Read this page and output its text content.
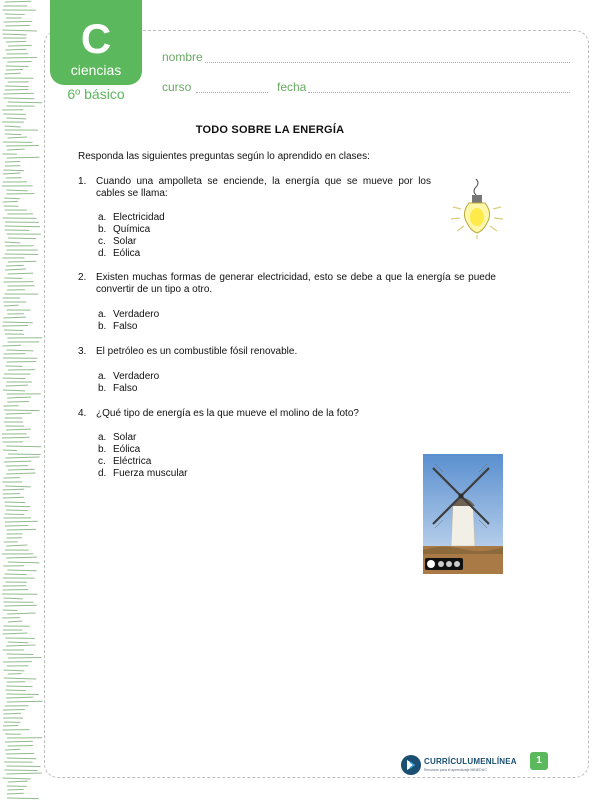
C
ciencias
6º básico
nombre
curso	fecha
TODO SOBRE LA ENERGÍA
Responda las siguientes preguntas según lo aprendido en clases:
1. Cuando una ampolleta se enciende, la energía que se mueve por los
cables se llama:
a. Electricidad
b. Química
c. Solar
d. Eólica
2. Existen muchas formas de generar electricidad, esto se debe a que la energía se puede
convertir de un tipo a otro.
a. Verdadero
b. Falso
3. El petróleo es un combustible fósil renovable.
a. Verdadero
b. Falso
4. ¿Qué tipo de energía es la que mueve el molino de la foto?
a. Solar
b. Eólica
c. Eléctrica
d. Fuerza muscular
CURRÍCULUMENLÍNEA
Recursos para el aprendizaje MINEDUC
1
